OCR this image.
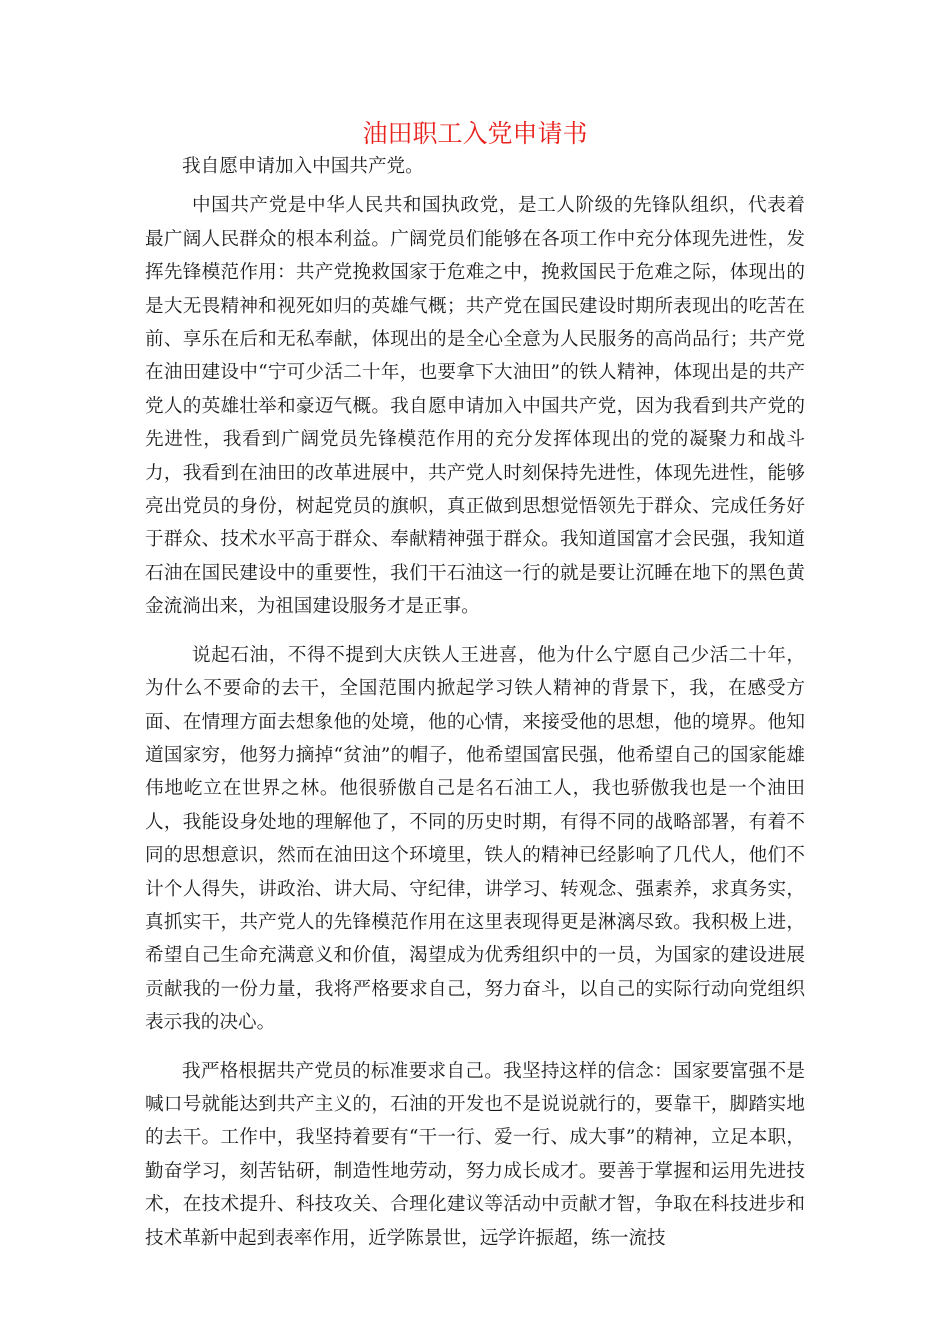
油田职工入党申请书

我自愿申请加入中国共产党。

中国共产党是中华人民共和国执政党，是工人阶级的先锋队组织，代表着最广阔人民群众的根本利益。广阔党员们能够在各项工作中充分体现先进性，发挥先锋模范作用：共产党挽救国家于危难之中，挽救国民于危难之际，体现出的是大无畏精神和视死如归的英雄气概；共产党在国民建设时期所表现出的吃苦在前、享乐在后和无私奉献，体现出的是全心全意为人民服务的高尚品行；共产党在油田建设中“宁可少活二十年，也要拿下大油田”的铁人精神，体现出是的共产党人的英雄壮举和豪迈气概。我自愿申请加入中国共产党，因为我看到共产党的先进性，我看到广阔党员先锋模范作用的充分发挥体现出的党的凝聚力和战斗力，我看到在油田的改革进展中，共产党人时刻保持先进性，体现先进性，能够亮出党员的身份，树起党员的旗帜，真正做到思想觉悟领先于群众、完成任务好于群众、技术水平高于群众、奉献精神强于群众。我知道国富才会民强，我知道石油在国民建设中的重要性，我们干石油这一行的就是要让沉睡在地下的黑色黄金流淌出来，为祖国建设服务才是正事。

说起石油，不得不提到大庆铁人王进喜，他为什么宁愿自己少活二十年，为什么不要命的去干，全国范围内掀起学习铁人精神的背景下，我，在感受方面、在情理方面去想象他的处境，他的心情，来接受他的思想，他的境界。他知道国家穷，他努力摘掉“贫油”的帽子，他希望国富民强，他希望自己的国家能雄伟地屹立在世界之林。他很骄傲自己是名石油工人，我也骄傲我也是一个油田人，我能设身处地的理解他了，不同的历史时期，有得不同的战略部署，有着不同的思想意识，然而在油田这个环境里，铁人的精神已经影响了几代人，他们不计个人得失，讲政治、讲大局、守纪律，讲学习、转观念、强素养，求真务实，真抓实干，共产党人的先锋模范作用在这里表现得更是淋漓尽致。我积极上进，希望自己生命充满意义和价值，渴望成为优秀组织中的一员，为国家的建设进展贡献我的一份力量，我将严格要求自己，努力奋斗，以自己的实际行动向党组织表示我的决心。

我严格根据共产党员的标准要求自己。我坚持这样的信念：国家要富强不是喊口号就能达到共产主义的，石油的开发也不是说说就行的，要靠干，脚踏实地的去干。工作中，我坚持着要有“干一行、爱一行、成大事”的精神，立足本职，勤奋学习，刻苦钻研，制造性地劳动，努力成长成才。要善于掌握和运用先进技术，在技术提升、科技攻关、合理化建议等活动中贡献才智，争取在科技进步和技术革新中起到表率作用，近学陈景世，远学许振超，练一流技
